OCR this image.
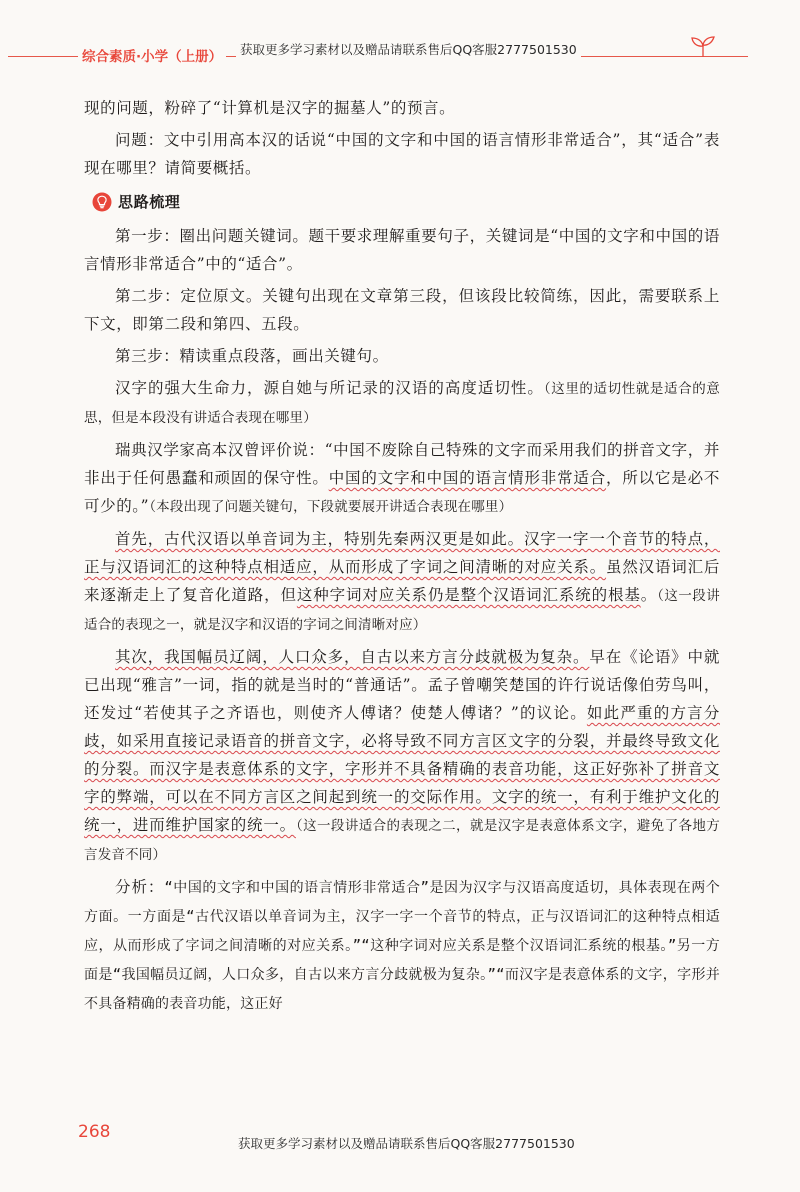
综合素质·小学（上册）	获取更多学习素材以及赠品请联系售后QQ客服2777501530

现的问题，粉碎了“计算机是汉字的掘墓人”的预言。

问题：文中引用高本汉的话说“中国的文字和中国的语言情形非常适合”，其“适合”表现在哪里？请简要概括。

思路梳理

第一步：圈出问题关键词。题干要求理解重要句子，关键词是“中国的文字和中国的语言情形非常适合”中的“适合”。

第二步：定位原文。关键句出现在文章第三段，但该段比较简练，因此，需要联系上下文，即第二段和第四、五段。

第三步：精读重点段落，画出关键句。

汉字的强大生命力，源自她与所记录的汉语的高度适切性。（这里的适切性就是适合的意思，但是本段没有讲适合表现在哪里）

瑞典汉学家高本汉曾评价说：“中国不废除自己特殊的文字而采用我们的拼音文字，并非出于任何愚蠢和顽固的保守性。中国的文字和中国的语言情形非常适合，所以它是必不可少的。”（本段出现了问题关键句，下段就要展开讲适合表现在哪里）

首先，古代汉语以单音词为主，特别先秦两汉更是如此。汉字一字一个音节的特点，正与汉语词汇的这种特点相适应，从而形成了字词之间清晰的对应关系。虽然汉语词汇后来逐渐走上了复音化道路，但这种字词对应关系仍是整个汉语词汇系统的根基。（这一段讲适合的表现之一，就是汉字和汉语的字词之间清晰对应）

其次，我国幅员辽阔，人口众多，自古以来方言分歧就极为复杂。早在《论语》中就已出现“雅言”一词，指的就是当时的“普通话”。孟子曾嘲笑楚国的许行说话像伯劳鸟叫，还发过“若使其子之齐语也，则使齐人傅诸？使楚人傅诸？”的议论。如此严重的方言分歧，如采用直接记录语音的拼音文字，必将导致不同方言区文字的分裂，并最终导致文化的分裂。而汉字是表意体系的文字，字形并不具备精确的表音功能，这正好弥补了拼音文字的弊端，可以在不同方言区之间起到统一的交际作用。文字的统一，有利于维护文化的统一，进而维护国家的统一。（这一段讲适合的表现之二，就是汉字是表意体系文字，避免了各地方言发音不同）

分析：“中国的文字和中国的语言情形非常适合”是因为汉字与汉语高度适切，具体表现在两个方面。一方面是“古代汉语以单音词为主，汉字一字一个音节的特点，正与汉语词汇的这种特点相适应，从而形成了字词之间清晰的对应关系。”“这种字词对应关系是整个汉语词汇系统的根基。”另一方面是“我国幅员辽阔，人口众多，自古以来方言分歧就极为复杂。”“而汉字是表意体系的文字，字形并不具备精确的表音功能，这正好

268
获取更多学习素材以及赠品请联系售后QQ客服2777501530
